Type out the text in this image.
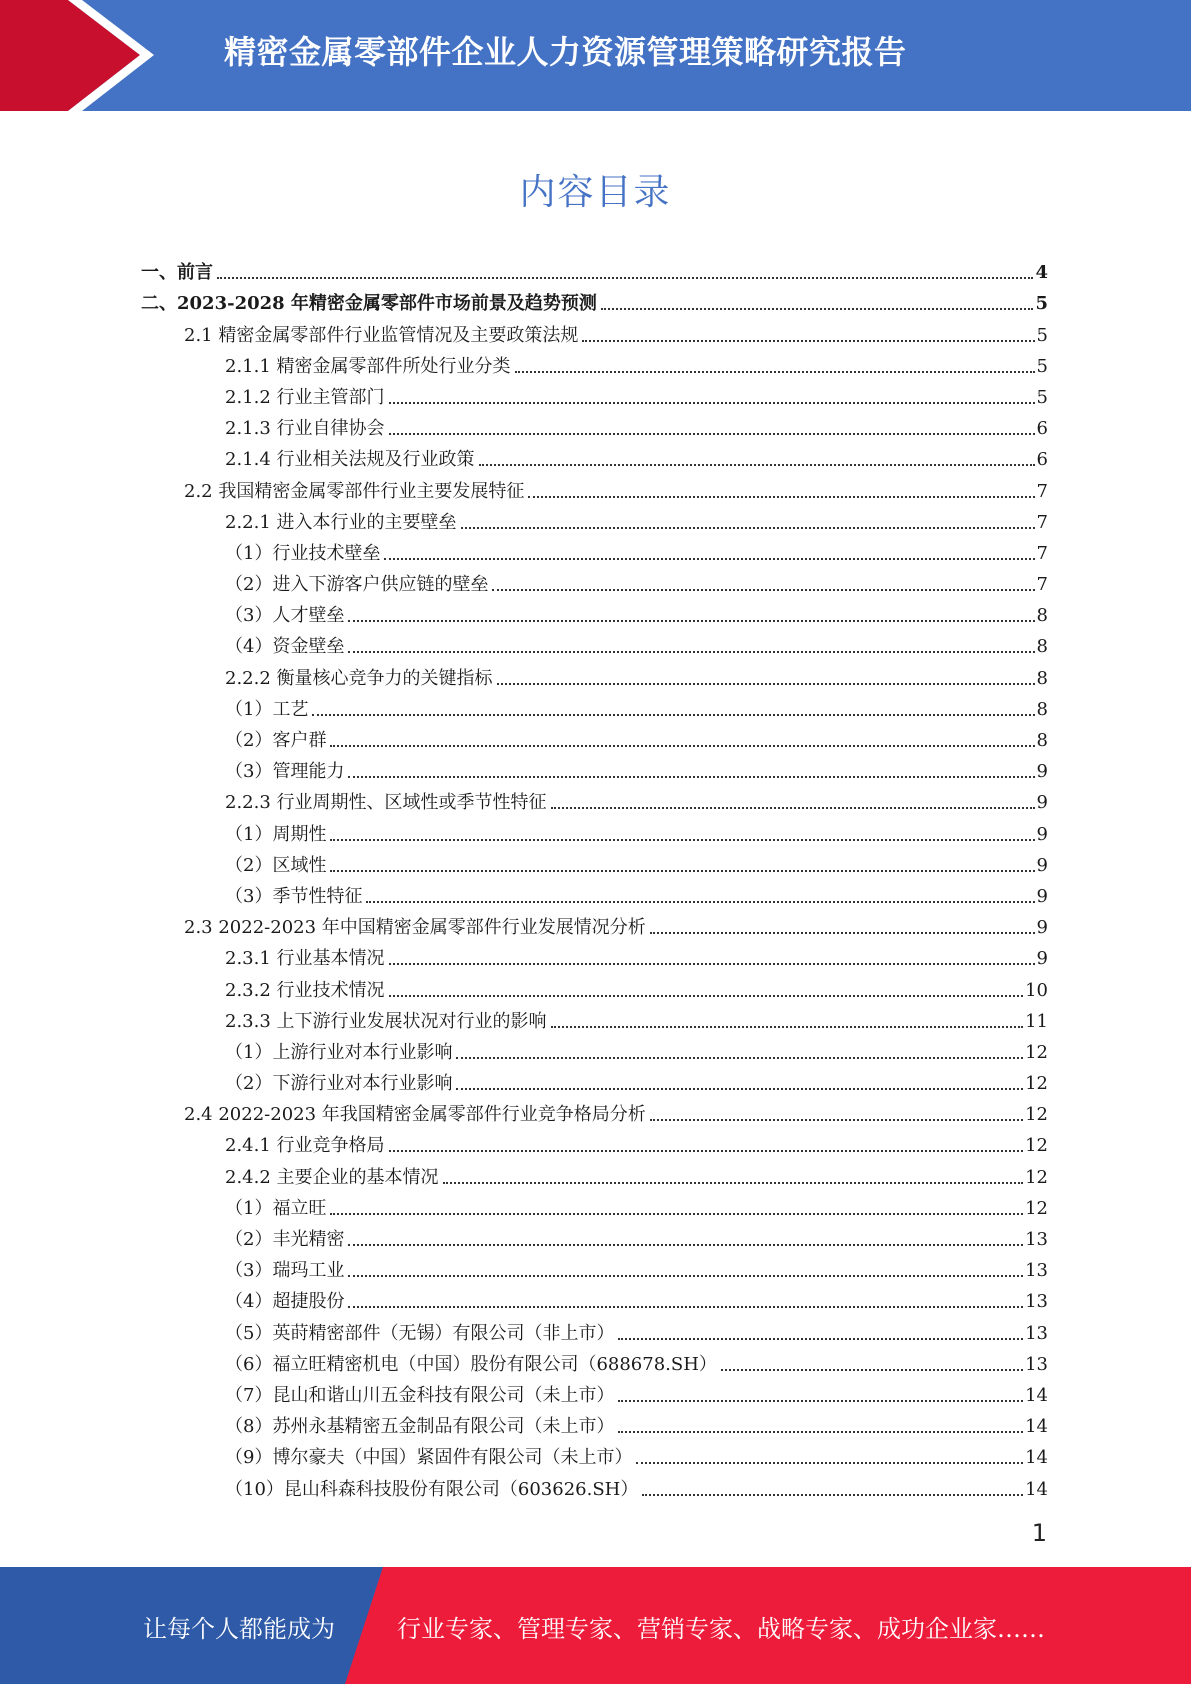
精密金属零部件企业人力资源管理策略研究报告
内容目录
一、前言	4
二、2023-2028 年精密金属零部件市场前景及趋势预测	5
2.1 精密金属零部件行业监管情况及主要政策法规	5
2.1.1 精密金属零部件所处行业分类	5
2.1.2 行业主管部门	5
2.1.3 行业自律协会	6
2.1.4 行业相关法规及行业政策	6
2.2 我国精密金属零部件行业主要发展特征	7
2.2.1 进入本行业的主要壁垒	7
（1）行业技术壁垒	7
（2）进入下游客户供应链的壁垒	7
（3）人才壁垒	8
（4）资金壁垒	8
2.2.2 衡量核心竞争力的关键指标	8
（1）工艺	8
（2）客户群	8
（3）管理能力	9
2.2.3 行业周期性、区域性或季节性特征	9
（1）周期性	9
（2）区域性	9
（3）季节性特征	9
2.3 2022-2023 年中国精密金属零部件行业发展情况分析	9
2.3.1 行业基本情况	9
2.3.2 行业技术情况	10
2.3.3 上下游行业发展状况对行业的影响	11
（1）上游行业对本行业影响	12
（2）下游行业对本行业影响	12
2.4 2022-2023 年我国精密金属零部件行业竞争格局分析	12
2.4.1 行业竞争格局	12
2.4.2 主要企业的基本情况	12
（1）福立旺	12
（2）丰光精密	13
（3）瑞玛工业	13
（4）超捷股份	13
（5）英莳精密部件（无锡）有限公司（非上市）	13
（6）福立旺精密机电（中国）股份有限公司（688678.SH）	13
（7）昆山和谐山川五金科技有限公司（未上市）	14
（8）苏州永基精密五金制品有限公司（未上市）	14
（9）博尔豪夫（中国）紧固件有限公司（未上市）	14
（10）昆山科森科技股份有限公司（603626.SH）	14
1
让每个人都能成为	行业专家、管理专家、营销专家、战略专家、成功企业家……
